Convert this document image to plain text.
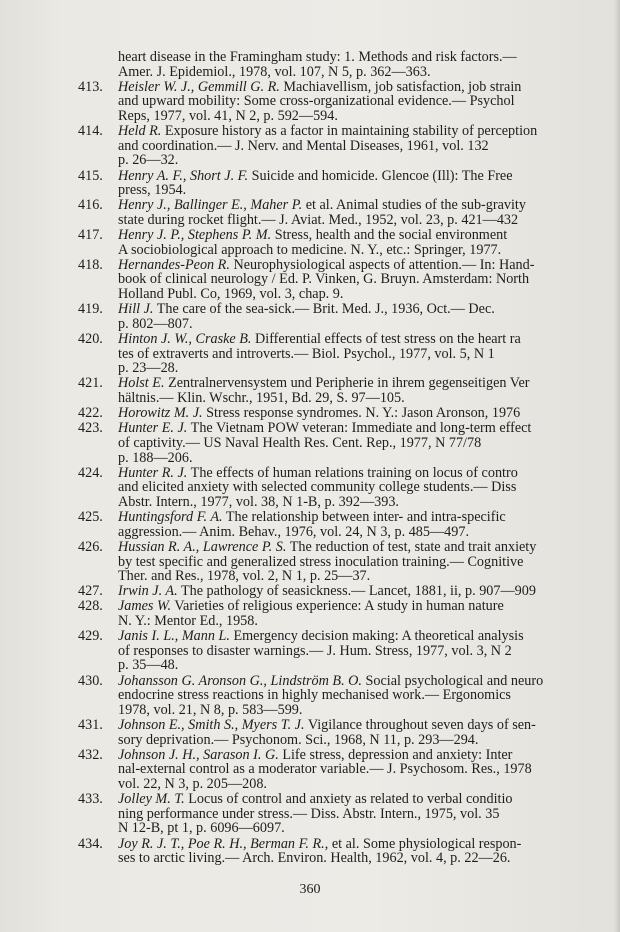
heart disease in the Framingham study: 1. Methods and risk factors.—
Amer. J. Epidemiol., 1978, vol. 107, N 5, p. 362—363.
413.	Heisler W. J., Gemmill G. R. Machiavellism, job satisfaction, job strain
and upward mobility: Some cross-organizational evidence.— Psychol
Reps, 1977, vol. 41, N 2, p. 592—594.
414.	Held R. Exposure history as a factor in maintaining stability of perception
and coordination.— J. Nerv. and Mental Diseases, 1961, vol. 132
p. 26—32.
415.	Henry A. F., Short J. F. Suicide and homicide. Glencoe (Ill): The Free
press, 1954.
416.	Henry J., Ballinger E., Maher P. et al. Animal studies of the sub-gravity
state during rocket flight.— J. Aviat. Med., 1952, vol. 23, p. 421—432
417.	Henry J. P., Stephens P. M. Stress, health and the social environment
A sociobiological approach to medicine. N. Y., etc.: Springer, 1977.
418.	Hernandes-Peon R. Neurophysiological aspects of attention.— In: Hand-
book of clinical neurology / Ed. P. Vinken, G. Bruyn. Amsterdam: North
Holland Publ. Co, 1969, vol. 3, chap. 9.
419.	Hill J. The care of the sea-sick.— Brit. Med. J., 1936, Oct.— Dec.
p. 802—807.
420.	Hinton J. W., Craske B. Differential effects of test stress on the heart ra
tes of extraverts and introverts.— Biol. Psychol., 1977, vol. 5, N 1
p. 23—28.
421.	Holst E. Zentralnervensystem und Peripherie in ihrem gegenseitigen Ver
hältnis.— Klin. Wschr., 1951, Bd. 29, S. 97—105.
422.	Horowitz M. J. Stress response syndromes. N. Y.: Jason Aronson, 1976
423.	Hunter E. J. The Vietnam POW veteran: Immediate and long-term effect
of captivity.— US Naval Health Res. Cent. Rep., 1977, N 77/78
p. 188—206.
424.	Hunter R. J. The effects of human relations training on locus of contro
and elicited anxiety with selected community college students.— Diss
Abstr. Intern., 1977, vol. 38, N 1-B, p. 392—393.
425.	Huntingsford F. A. The relationship between inter- and intra-specific
aggression.— Anim. Behav., 1976, vol. 24, N 3, p. 485—497.
426.	Hussian R. A., Lawrence P. S. The reduction of test, state and trait anxiety
by test specific and generalized stress inoculation training.— Cognitive
Ther. and Res., 1978, vol. 2, N 1, p. 25—37.
427.	Irwin J. A. The pathology of seasickness.— Lancet, 1881, ii, p. 907—909
428.	James W. Varieties of religious experience: A study in human nature
N. Y.: Mentor Ed., 1958.
429.	Janis I. L., Mann L. Emergency decision making: A theoretical analysis
of responses to disaster warnings.— J. Hum. Stress, 1977, vol. 3, N 2
p. 35—48.
430.	Johansson G. Aronson G., Lindström B. O. Social psychological and neuro
endocrine stress reactions in highly mechanised work.— Ergonomics
1978, vol. 21, N 8, p. 583—599.
431.	Johnson E., Smith S., Myers T. J. Vigilance throughout seven days of sen-
sory deprivation.— Psychonom. Sci., 1968, N 11, p. 293—294.
432.	Johnson J. H., Sarason I. G. Life stress, depression and anxiety: Inter
nal-external control as a moderator variable.— J. Psychosom. Res., 1978
vol. 22, N 3, p. 205—208.
433.	Jolley M. T. Locus of control and anxiety as related to verbal conditio
ning performance under stress.— Diss. Abstr. Intern., 1975, vol. 35
N 12-B, pt 1, p. 6096—6097.
434.	Joy R. J. T., Poe R. H., Berman F. R., et al. Some physiological respon-
ses to arctic living.— Arch. Environ. Health, 1962, vol. 4, p. 22—26.
360
